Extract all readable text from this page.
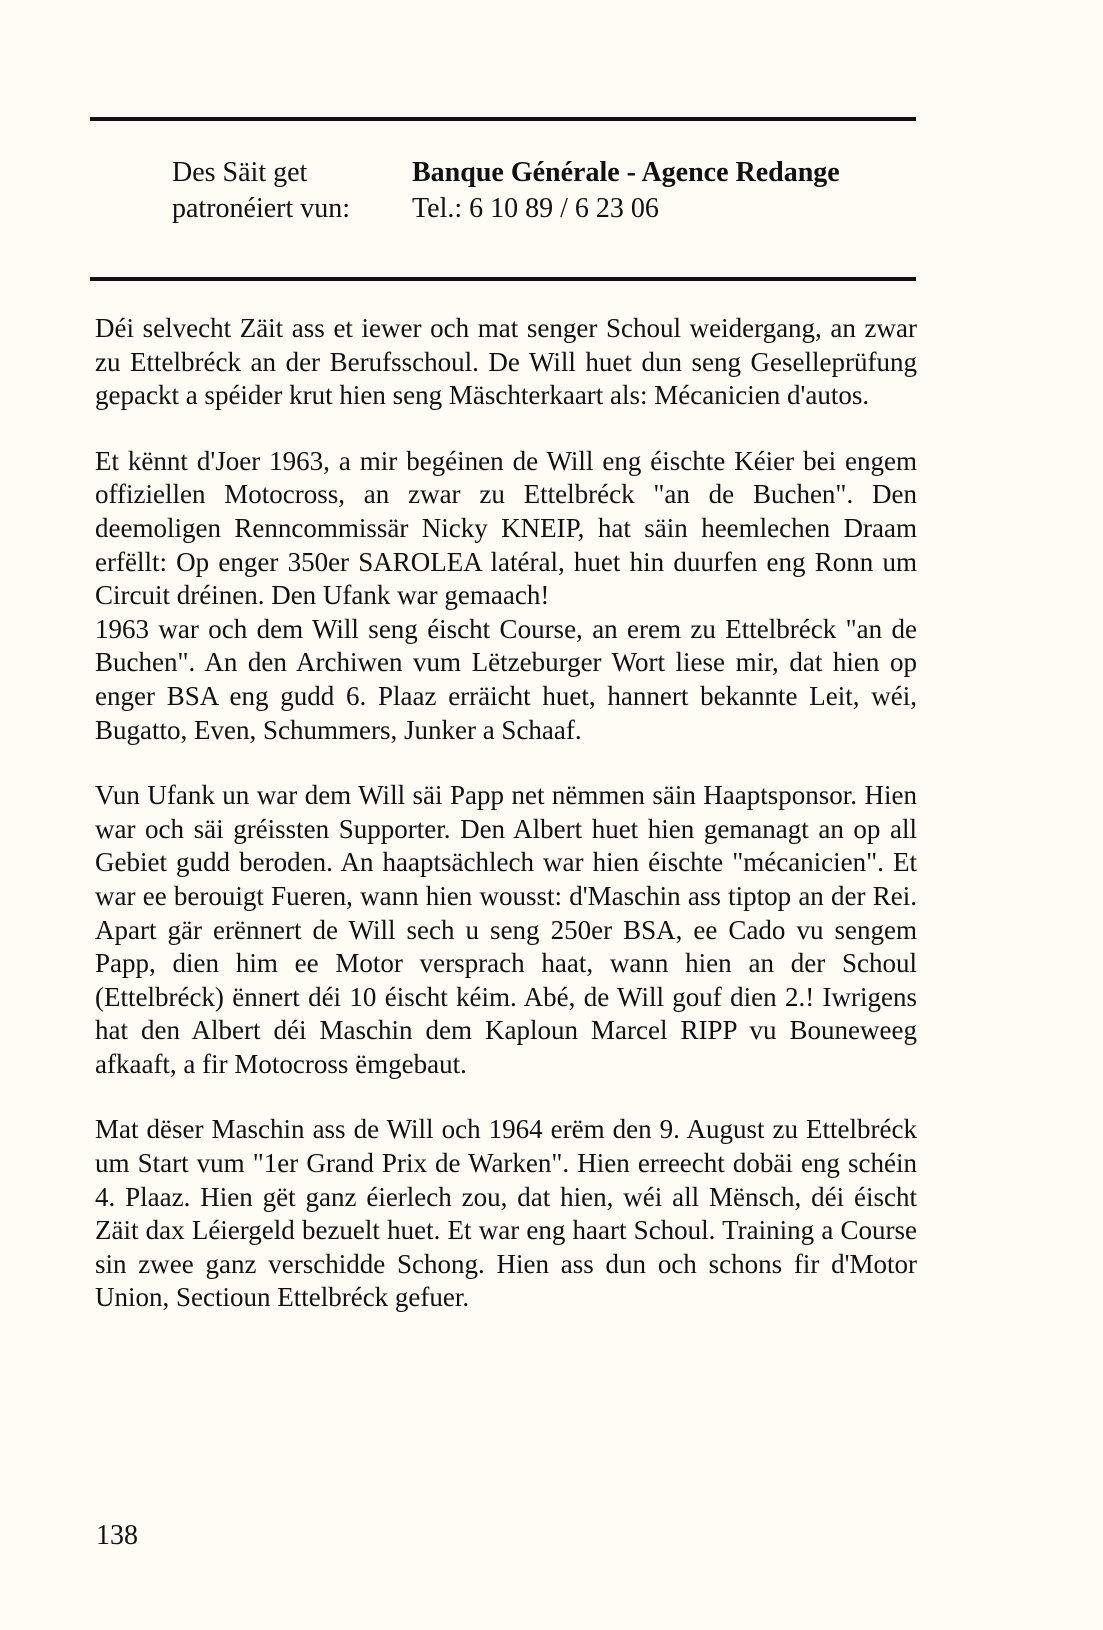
Des Säit get	Banque Générale - Agence Redange
patronéiert vun:	Tel.: 6 10 89 / 6 23 06

Déi selvecht Zäit ass et iewer och mat senger Schoul weidergang, an zwar zu Ettelbréck an der Berufsschoul. De Will huet dun seng Geselleprüfung gepackt a spéider krut hien seng Mäschterkaart als: Mécanicien d'autos.

Et kënnt d'Joer 1963, a mir begéinen de Will eng éischte Kéier bei engem offiziellen Motocross, an zwar zu Ettelbréck "an de Buchen". Den deemoligen Renncommissär Nicky KNEIP, hat säin heemlechen Draam erfëllt: Op enger 350er SAROLEA latéral, huet hin duurfen eng Ronn um Circuit dréinen. Den Ufank war gemaach!

1963 war och dem Will seng éischt Course, an erem zu Ettelbréck "an de Buchen". An den Archiwen vum Lëtzeburger Wort liese mir, dat hien op enger BSA eng gudd 6. Plaaz erräicht huet, hannert bekannte Leit, wéi, Bugatto, Even, Schummers, Junker a Schaaf.

Vun Ufank un war dem Will säi Papp net nëmmen säin Haaptsponsor. Hien war och säi gréissten Supporter. Den Albert huet hien gemanagt an op all Gebiet gudd beroden. An haaptsächlech war hien éischte "mécanicien". Et war ee berouigt Fueren, wann hien wousst: d'Maschin ass tiptop an der Rei. Apart gär erënnert de Will sech u seng 250er BSA, ee Cado vu sengem Papp, dien him ee Motor versprach haat, wann hien an der Schoul (Ettelbréck) ënnert déi 10 éischt kéim. Abé, de Will gouf dien 2.! Iwrigens hat den Albert déi Maschin dem Kaploun Marcel RIPP vu Bouneweeg afkaaft, a fir Motocross ëmgebaut.

Mat dëser Maschin ass de Will och 1964 erëm den 9. August zu Ettelbréck um Start vum "1er Grand Prix de Warken". Hien erreecht dobäi eng schéin 4. Plaaz. Hien gët ganz éierlech zou, dat hien, wéi all Mënsch, déi éischt Zäit dax Léiergeld bezuelt huet. Et war eng haart Schoul. Training a Course sin zwee ganz verschidde Schong. Hien ass dun och schons fir d'Motor Union, Sectioun Ettelbréck gefuer.

138
